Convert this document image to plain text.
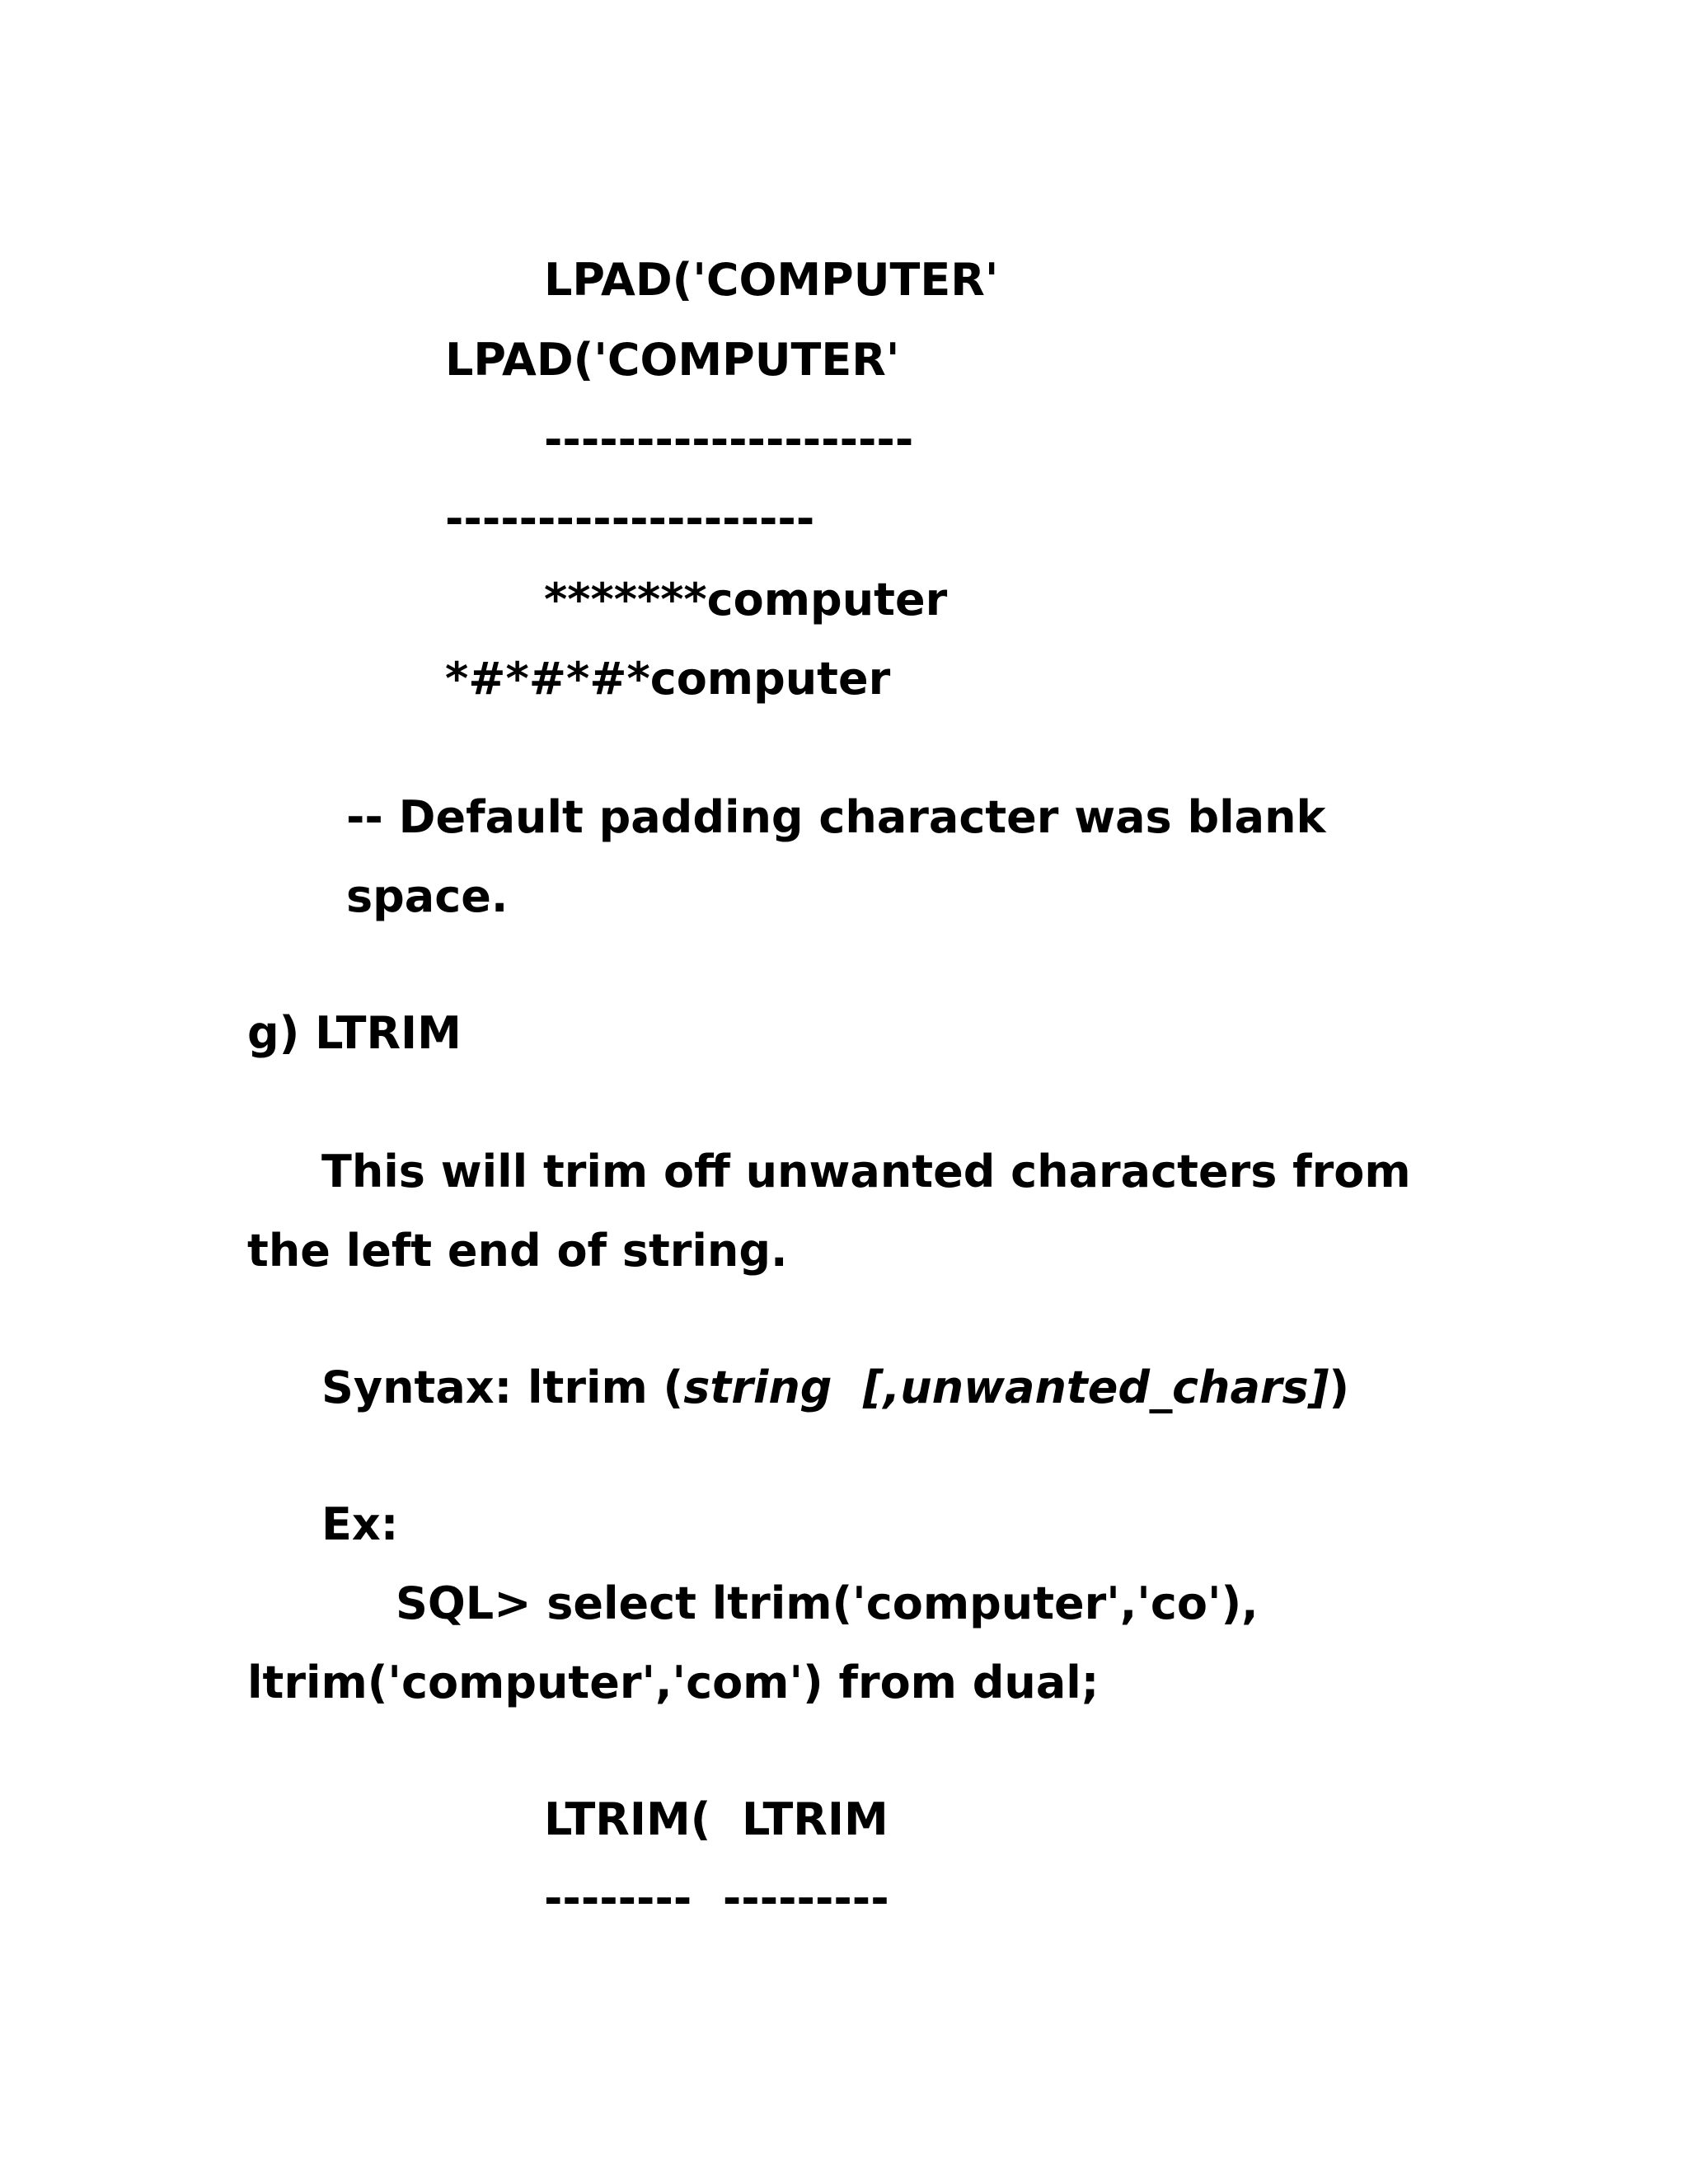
LPAD('COMPUTER'
LPAD('COMPUTER'
--------------------
--------------------
*******computer
*#*#*#*computer
-- Default padding character was blank
space.
g) LTRIM
This will trim off unwanted characters from
the left end of string.
Syntax: ltrim (string [,unwanted_chars])
Ex:
SQL> select ltrim('computer','co'),
ltrim('computer','com') from dual;
LTRIM(  LTRIM
--------  ---------
